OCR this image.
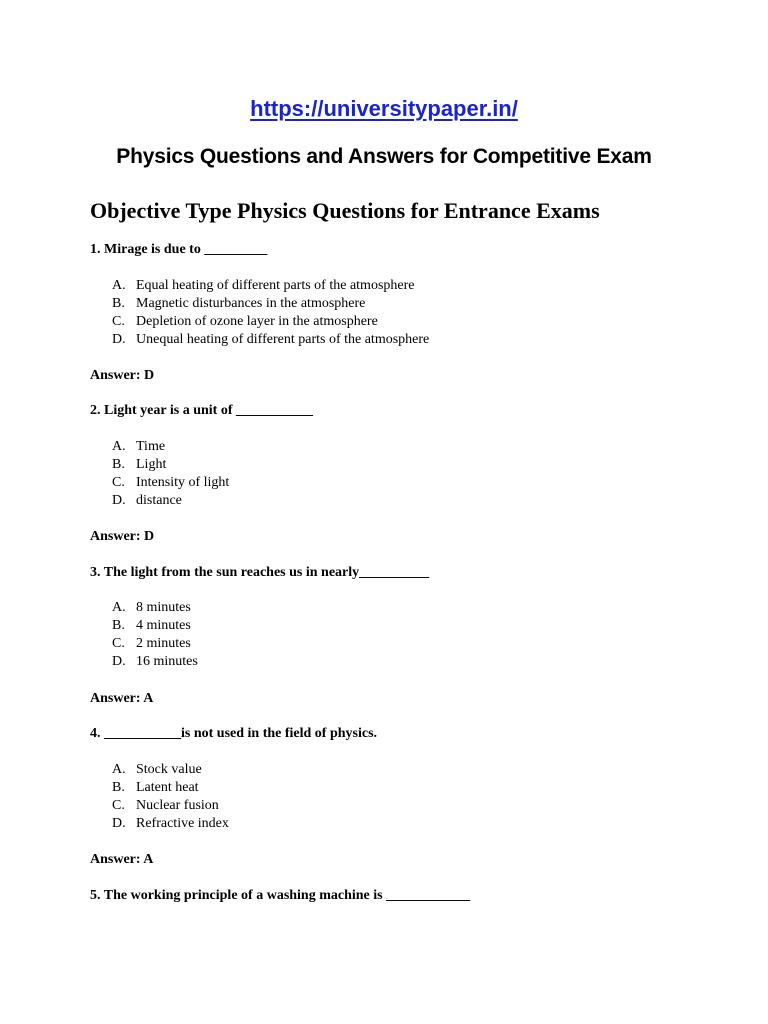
https://universitypaper.in/
Physics Questions and Answers for Competitive Exam
Objective Type Physics Questions for Entrance Exams
1. Mirage is due to _________
A. Equal heating of different parts of the atmosphere
B. Magnetic disturbances in the atmosphere
C. Depletion of ozone layer in the atmosphere
D. Unequal heating of different parts of the atmosphere
Answer: D
2. Light year is a unit of ___________
A. Time
B. Light
C. Intensity of light
D. distance
Answer: D
3. The light from the sun reaches us in nearly__________
A. 8 minutes
B. 4 minutes
C. 2 minutes
D. 16 minutes
Answer: A
4. ___________is not used in the field of physics.
A. Stock value
B. Latent heat
C. Nuclear fusion
D. Refractive index
Answer: A
5. The working principle of a washing machine is ____________
